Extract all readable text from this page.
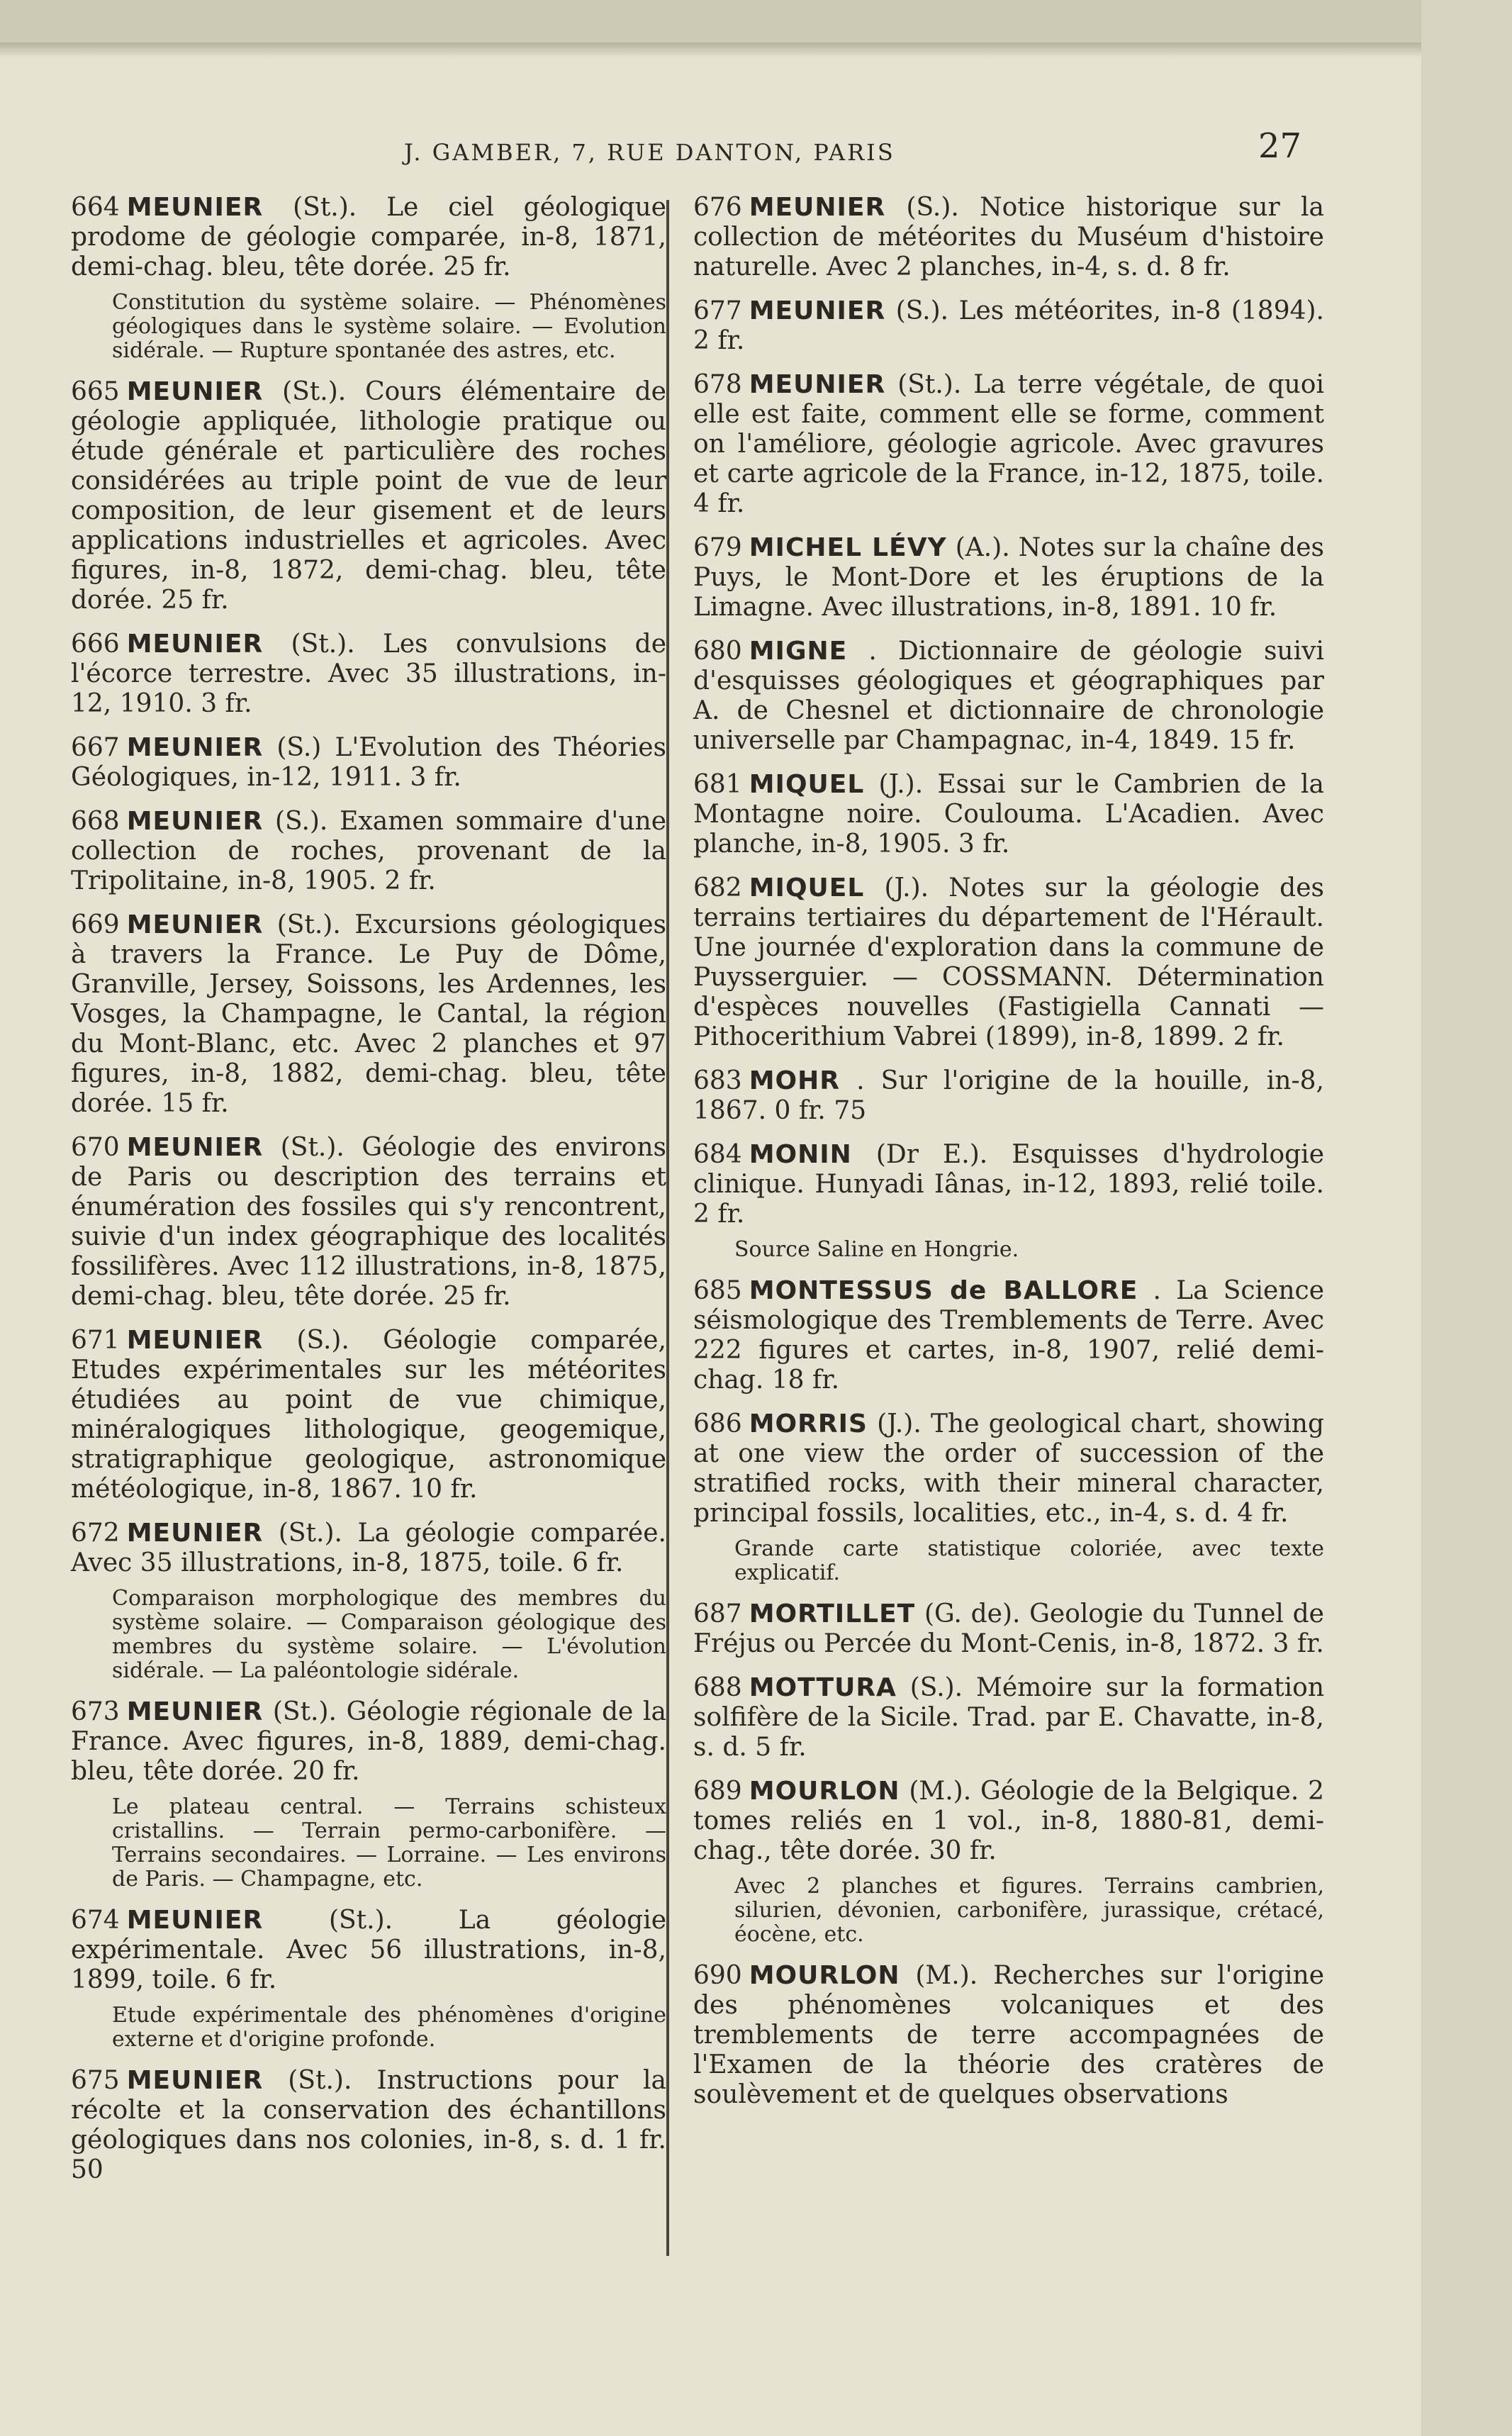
J. GAMBER, 7, RUE DANTON, PARIS	27

664 MEUNIER (St.). Le ciel géologique prodome de géologie comparée, in-8, 1871, demi-chag. bleu, tête dorée. 25 fr.

Constitution du système solaire. — Phénomènes géologiques dans le système solaire. — Evolution sidérale. — Rupture spontanée des astres, etc.

665 MEUNIER (St.). Cours élémentaire de géologie appliquée, lithologie pratique ou étude générale et particulière des roches considérées au triple point de vue de leur composition, de leur gisement et de leurs applications industrielles et agricoles. Avec figures, in-8, 1872, demi-chag. bleu, tête dorée. 25 fr.

666 MEUNIER (St.). Les convulsions de l'écorce terrestre. Avec 35 illustrations, in-12, 1910. 3 fr.

667 MEUNIER (S.) L'Evolution des Théories Géologiques, in-12, 1911. 3 fr.

668 MEUNIER (S.). Examen sommaire d'une collection de roches, provenant de la Tripolitaine, in-8, 1905. 2 fr.

669 MEUNIER (St.). Excursions géologiques à travers la France. Le Puy de Dôme, Granville, Jersey, Soissons, les Ardennes, les Vosges, la Champagne, le Cantal, la région du Mont-Blanc, etc. Avec 2 planches et 97 figures, in-8, 1882, demi-chag. bleu, tête dorée. 15 fr.

670 MEUNIER (St.). Géologie des environs de Paris ou description des terrains et énumération des fossiles qui s'y rencontrent, suivie d'un index géographique des localités fossilifères. Avec 112 illustrations, in-8, 1875, demi-chag. bleu, tête dorée. 25 fr.

671 MEUNIER (S.). Géologie comparée, Etudes expérimentales sur les météorites étudiées au point de vue chimique, minéralogiques lithologique, geogemique, stratigraphique geologique, astronomique météologique, in-8, 1867. 10 fr.

672 MEUNIER (St.). La géologie comparée. Avec 35 illustrations, in-8, 1875, toile. 6 fr.

Comparaison morphologique des membres du système solaire. — Comparaison géologique des membres du système solaire. — L'évolution sidérale. — La paléontologie sidérale.

673 MEUNIER (St.). Géologie régionale de la France. Avec figures, in-8, 1889, demi-chag. bleu, tête dorée. 20 fr.

Le plateau central. — Terrains schisteux cristallins. — Terrain permo-carbonifère. — Terrains secondaires. — Lorraine. — Les environs de Paris. — Champagne, etc.

674 MEUNIER	(St.). La géologie expérimentale. Avec 56 illustrations, in-8, 1899, toile. 6 fr.

Etude expérimentale des phénomènes d'origine externe et d'origine profonde.

675 MEUNIER (St.). Instructions pour la récolte et la conservation des échantillons géologiques dans nos colonies, in-8, s. d. 1 fr. 50

676 MEUNIER (S.). Notice historique sur la collection de météorites du Muséum d'histoire naturelle. Avec 2 planches, in-4, s. d. 8 fr.

677 MEUNIER (S.). Les météorites, in-8 (1894). 2 fr.

678 MEUNIER (St.). La terre végétale, de quoi elle est faite, comment elle se forme, comment on l'améliore, géologie agricole. Avec gravures et carte agricole de la France, in-12, 1875, toile. 4 fr.

679 MICHEL LÉVY (A.). Notes sur la chaîne des Puys, le Mont-Dore et les éruptions de la Limagne. Avec illustrations, in-8, 1891. 10 fr.

680 MIGNE . Dictionnaire de géologie suivi d'esquisses géologiques et géographiques par A. de Chesnel et dictionnaire de chronologie universelle par Champagnac, in-4, 1849. 15 fr.

681 MIQUEL (J.). Essai sur le Cambrien de la Montagne noire. Coulouma. L'Acadien. Avec planche, in-8, 1905. 3 fr.

682 MIQUEL (J.). Notes sur la géologie des terrains tertiaires du département de l'Hérault. Une journée d'exploration dans la commune de Puysserguier. — COSSMANN. Détermination d'espèces nouvelles (Fastigiella Cannati — Pithocerithium Vabrei (1899), in-8, 1899. 2 fr.

683 MOHR . Sur l'origine de la houille, in-8, 1867. 0 fr. 75

684 MONIN (Dr E.). Esquisses d'hydrologie clinique. Hunyadi Iânas, in-12, 1893, relié toile. 2 fr.

Source Saline en Hongrie.

685 MONTESSUS de BALLORE . La Science séismologique des Tremblements de Terre. Avec 222 figures et cartes, in-8, 1907, relié demi-chag. 18 fr.

686 MORRIS (J.). The geological chart, showing at one view the order of succession of the stratified rocks, with their mineral character, principal fossils, localities, etc., in-4, s. d. 4 fr.

Grande carte statistique coloriée, avec texte explicatif.

687 MORTILLET (G. de). Geologie du Tunnel de Fréjus ou Percée du Mont-Cenis, in-8, 1872. 3 fr.

688 MOTTURA (S.). Mémoire sur la formation solfifère de la Sicile. Trad. par E. Chavatte, in-8, s. d. 5 fr.

689 MOURLON (M.). Géologie de la Belgique. 2 tomes reliés en 1 vol., in-8, 1880-81, demi-chag., tête dorée. 30 fr.

Avec 2 planches et figures. Terrains cambrien, silurien, dévonien, carbonifère, jurassique, crétacé, éocène, etc.

690 MOURLON (M.). Recherches sur l'origine des phénomènes volcaniques et des tremblements de terre accompagnées de l'Examen de la théorie des cratères de soulèvement et de quelques observations
